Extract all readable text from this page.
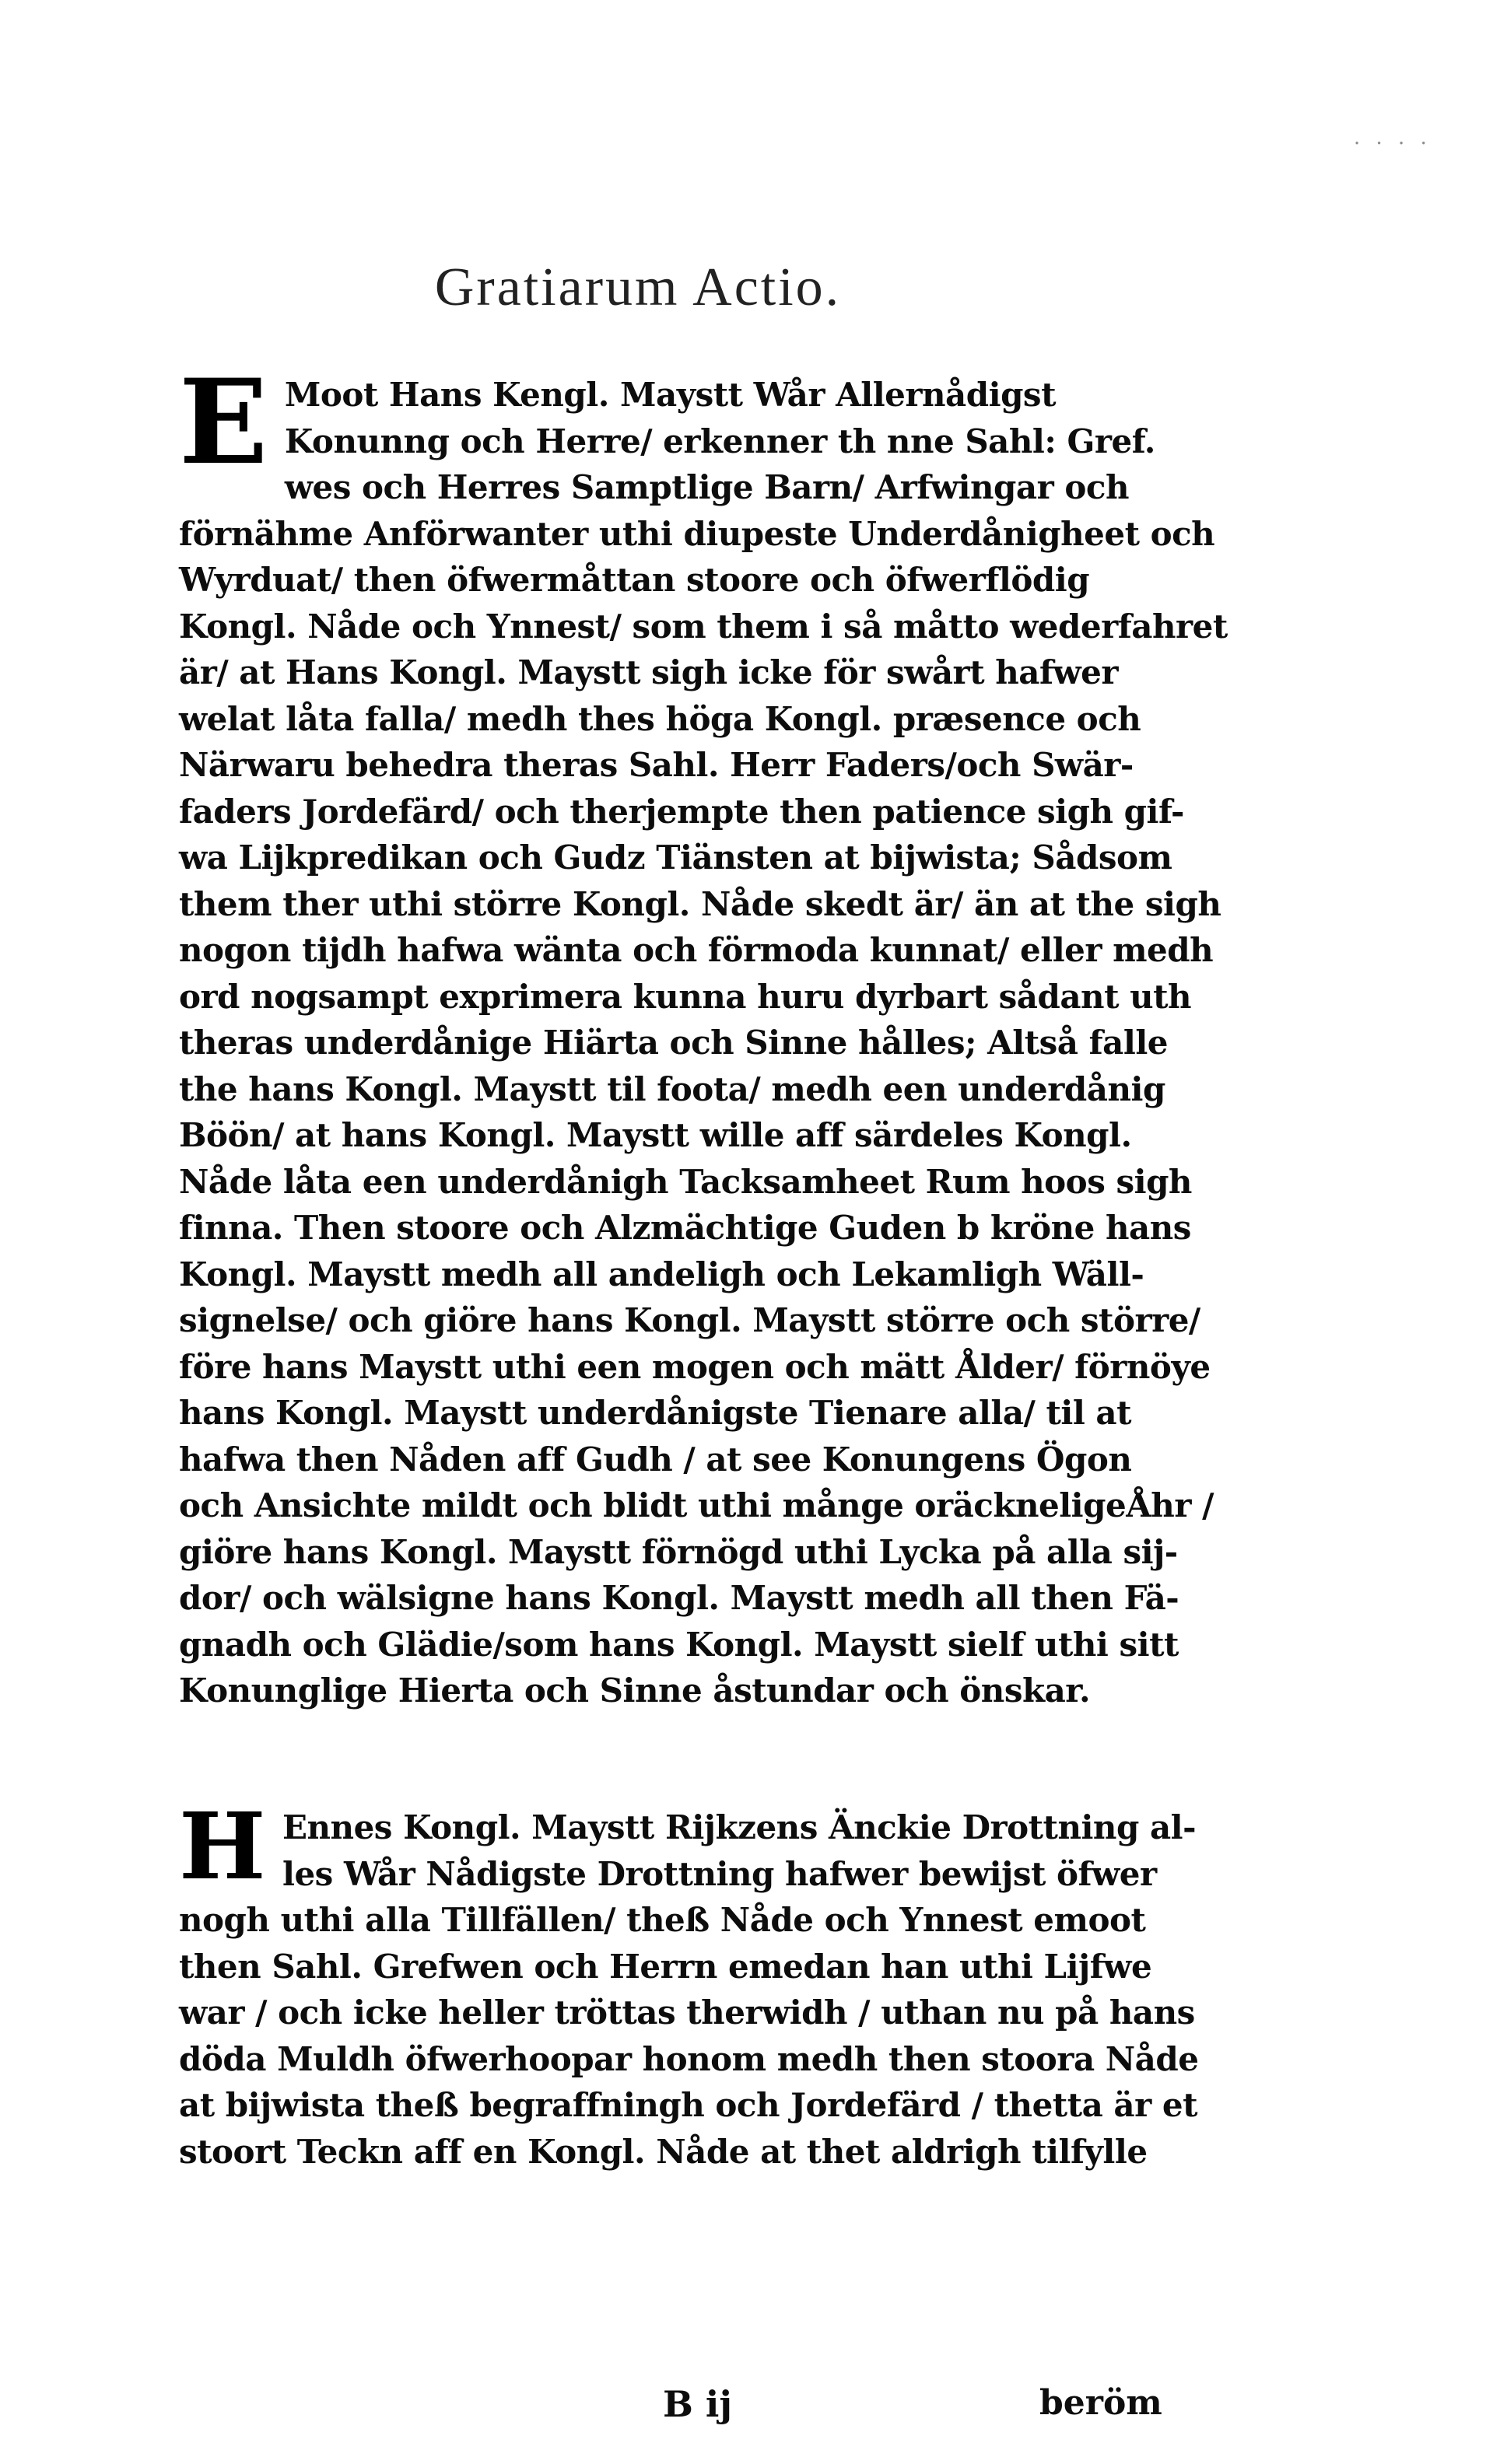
· · · ·
Gratiarum Actio.
E Moot Hans Kengl. Maystt Wår Allernådigst
Konunng och Herre/ erkenner th nne Sahl: Gref.
wes och Herres Samptlige Barn/ Arfwingar och
förnähme Anförwanter uthi diupeste Underdånigheet och
Wyrduat/ then öfwermåttan stoore och öfwerflödig
Kongl. Nåde och Ynnest/ som them i så måtto wederfahret
är/ at Hans Kongl. Maystt sigh icke för swårt hafwer
welat låta falla/ medh thes höga Kongl. præsence och
Närwaru behedra theras Sahl. Herr Faders/och Swär-
faders Jordefärd/ och therjempte then patience sigh gif-
wa Lijkpredikan och Gudz Tiänsten at bijwista; Sådsom
them ther uthi större Kongl. Nåde skedt är/ än at the sigh
nogon tijdh hafwa wänta och förmoda kunnat/ eller medh
ord nogsampt exprimera kunna huru dyrbart sådant uth
theras underdånige Hiärta och Sinne hålles; Altså falle
the hans Kongl. Maystt til foota/ medh een underdånig
Böön/ at hans Kongl. Maystt wille aff särdeles Kongl.
Nåde låta een underdånigh Tacksamheet Rum hoos sigh
finna. Then stoore och Alzmächtige Guden b kröne hans
Kongl. Maystt medh all andeligh och Lekamligh Wäll-
signelse/ och giöre hans Kongl. Maystt större och större/
före hans Maystt uthi een mogen och mätt Ålder/ förnöye
hans Kongl. Maystt underdånigste Tienare alla/ til at
hafwa then Nåden aff Gudh / at see Konungens Ögon
och Ansichte mildt och blidt uthi månge oräckneligeÅhr /
giöre hans Kongl. Maystt förnögd uthi Lycka på alla sij-
dor/ och wälsigne hans Kongl. Maystt medh all then Fä-
gnadh och Glädie/som hans Kongl. Maystt sielf uthi sitt
Konunglige Hierta och Sinne åstundar och önskar.
H Ennes Kongl. Maystt Rijkzens Änckie Drottning al-
les Wår Nådigste Drottning hafwer bewijst öfwer
nogh uthi alla Tillfällen/ theß Nåde och Ynnest emoot
then Sahl. Grefwen och Herrn emedan han uthi Lijfwe
war / och icke heller tröttas therwidh / uthan nu på hans
döda Muldh öfwerhoopar honom medh then stoora Nåde
at bijwista theß begraffningh och Jordefärd / thetta är et
stoort Teckn aff en Kongl. Nåde at thet aldrigh tilfylle
B ij	beröm
